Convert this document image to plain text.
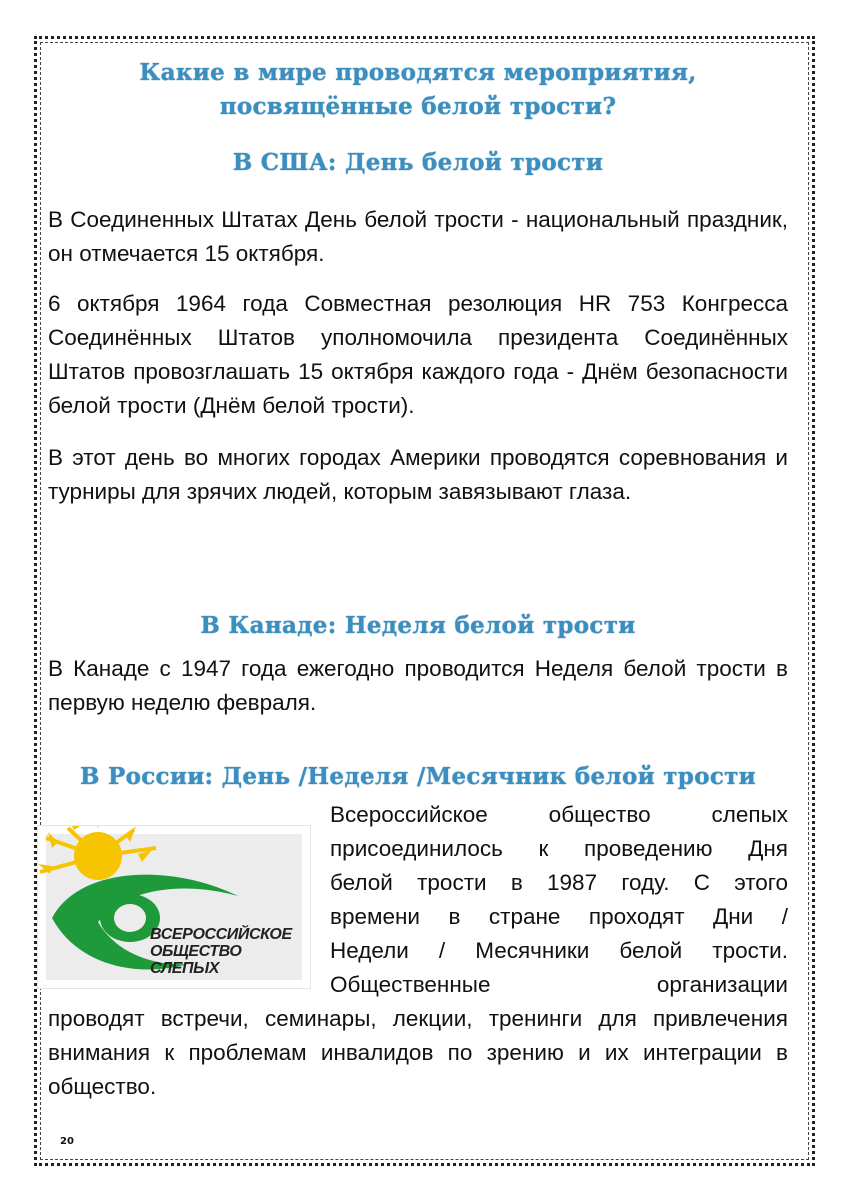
Какие в мире проводятся мероприятия,
посвящённые белой трости?
В США: День белой трости
В Соединенных Штатах День белой трости - национальный праздник, он отмечается 15 октября.
6 октября 1964 года Совместная резолюция HR 753 Конгресса Соединённых Штатов уполномочила президента Соединённых Штатов провозглашать 15 октября каждого года - Днём безопасности белой трости (Днём белой трости).
В этот день во многих городах Америки проводятся соревнования и турниры для зрячих людей, которым завязывают глаза.
В Канаде: Неделя белой трости
В Канаде с 1947 года ежегодно проводится Неделя белой трости в первую неделю февраля.
В России: День /Неделя /Месячник белой трости
ВСЕРОССИЙСКОЕ
ОБЩЕСТВО
СЛЕПЫХ
Всероссийское общество слепых
присоединилось к проведению Дня
белой трости в 1987 году. С этого
времени в стране проходят Дни /
Недели / Месячники белой трости.
Общественные организации
проводят встречи, семинары, лекции, тренинги для привлечения внимания к проблемам инвалидов по зрению и их интеграции в общество.
20
